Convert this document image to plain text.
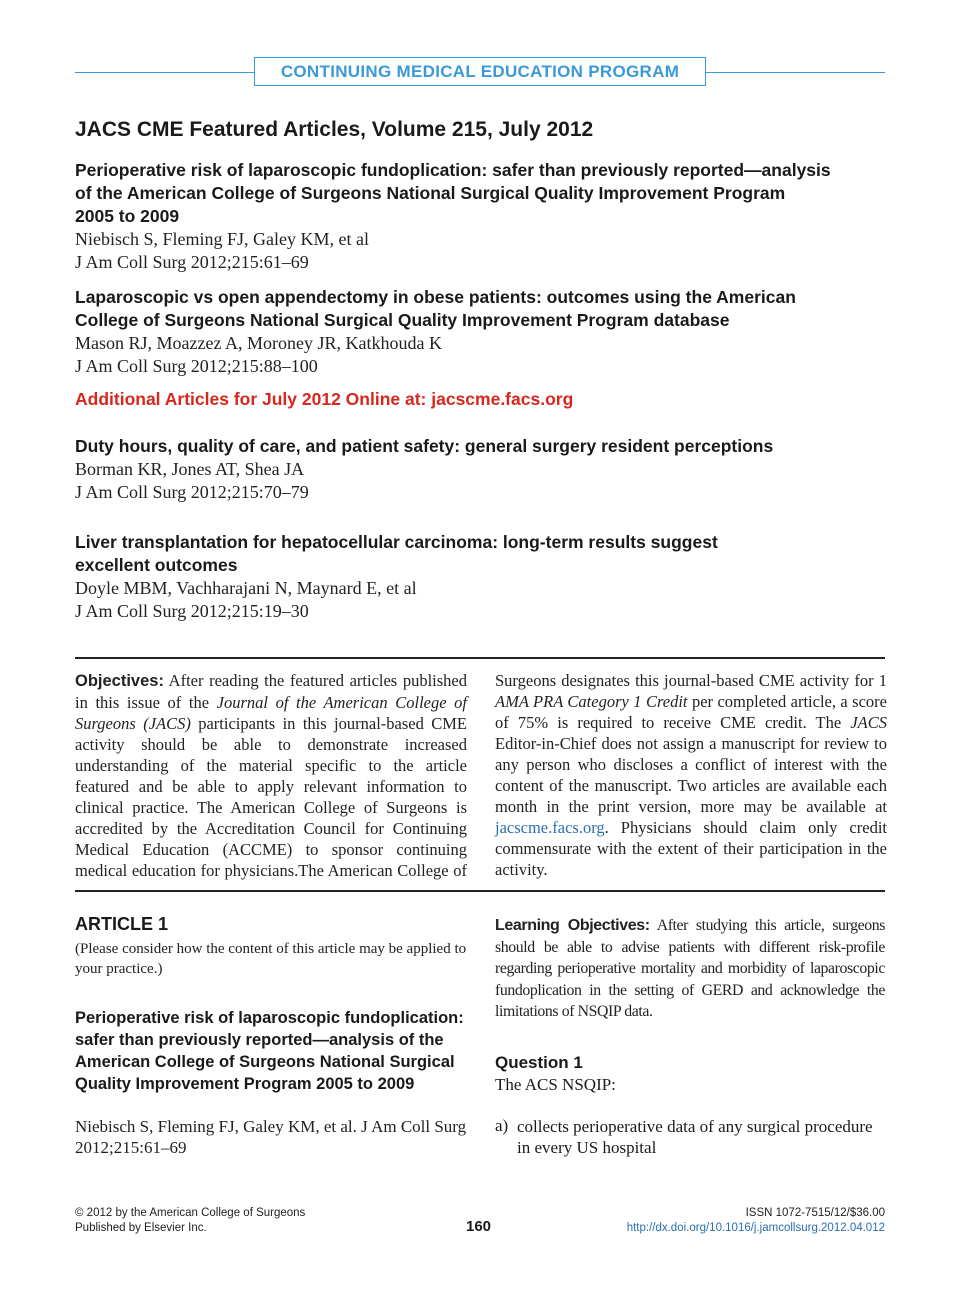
CONTINUING MEDICAL EDUCATION PROGRAM
JACS CME Featured Articles, Volume 215, July 2012
Perioperative risk of laparoscopic fundoplication: safer than previously reported—analysis
of the American College of Surgeons National Surgical Quality Improvement Program
2005 to 2009
Niebisch S, Fleming FJ, Galey KM, et al
J Am Coll Surg 2012;215:61–69
Laparoscopic vs open appendectomy in obese patients: outcomes using the American
College of Surgeons National Surgical Quality Improvement Program database
Mason RJ, Moazzez A, Moroney JR, Katkhouda K
J Am Coll Surg 2012;215:88–100
Additional Articles for July 2012 Online at: jacscme.facs.org
Duty hours, quality of care, and patient safety: general surgery resident perceptions
Borman KR, Jones AT, Shea JA
J Am Coll Surg 2012;215:70–79
Liver transplantation for hepatocellular carcinoma: long-term results suggest
excellent outcomes
Doyle MBM, Vachharajani N, Maynard E, et al
J Am Coll Surg 2012;215:19–30
Objectives: After reading the featured articles published in this issue of the Journal of the American College of Surgeons (JACS) participants in this journal-based CME activity should be able to demonstrate increased understanding of the material specific to the article featured and be able to apply relevant information to clinical practice. The American College of Surgeons is accredited by the Accreditation Council for Continuing Medical Education (ACCME) to sponsor continuing medical education for physicians.The American College of Surgeons designates this journal-based CME activity for 1 AMA PRA Category 1 Credit per completed article, a score of 75% is required to receive CME credit. The JACS Editor-in-Chief does not assign a manuscript for review to any person who discloses a conflict of interest with the content of the manuscript. Two articles are available each month in the print version, more may be available at jacscme.facs.org. Physicians should claim only credit commensurate with the extent of their participation in the activity.
ARTICLE 1
(Please consider how the content of this article may be applied to your practice.)
Perioperative risk of laparoscopic fundoplication: safer than previously reported—analysis of the American College of Surgeons National Surgical Quality Improvement Program 2005 to 2009
Niebisch S, Fleming FJ, Galey KM, et al. J Am Coll Surg 2012;215:61–69
Learning Objectives: After studying this article, surgeons should be able to advise patients with different risk-profile regarding perioperative mortality and morbidity of laparoscopic fundoplication in the setting of GERD and acknowledge the limitations of NSQIP data.
Question 1
The ACS NSQIP:
a) collects perioperative data of any surgical procedure in every US hospital
© 2012 by the American College of Surgeons
Published by Elsevier Inc.	160
ISSN 1072-7515/12/$36.00
http://dx.doi.org/10.1016/j.jamcollsurg.2012.04.012
